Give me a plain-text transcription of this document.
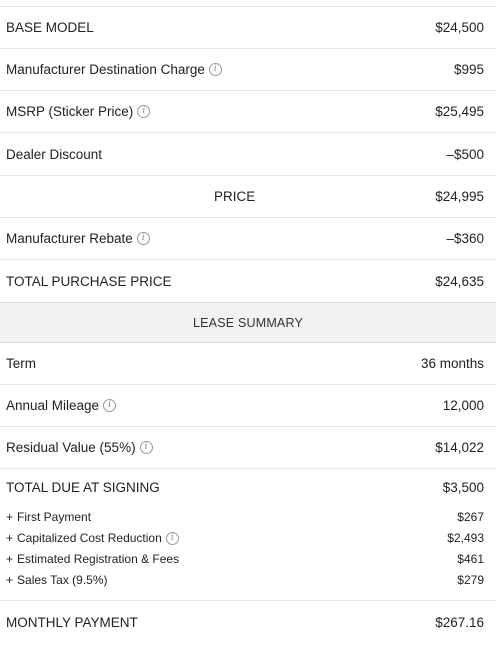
BASE MODEL	$24,500
Manufacturer Destination Charge	i	$995
MSRP (Sticker Price)	i	$25,495
Dealer Discount	–$500
PRICE	$24,995
Manufacturer Rebate	i	–$360
TOTAL PURCHASE PRICE	$24,635
LEASE SUMMARY
Term	36 months
Annual Mileage	i	12,000
Residual Value (55%)	i	$14,022
TOTAL DUE AT SIGNING	$3,500
+ First Payment	$267
+ Capitalized Cost Reduction	i	$2,493
+ Estimated Registration & Fees	$461
+ Sales Tax (9.5%)	$279
MONTHLY PAYMENT	$267.16
